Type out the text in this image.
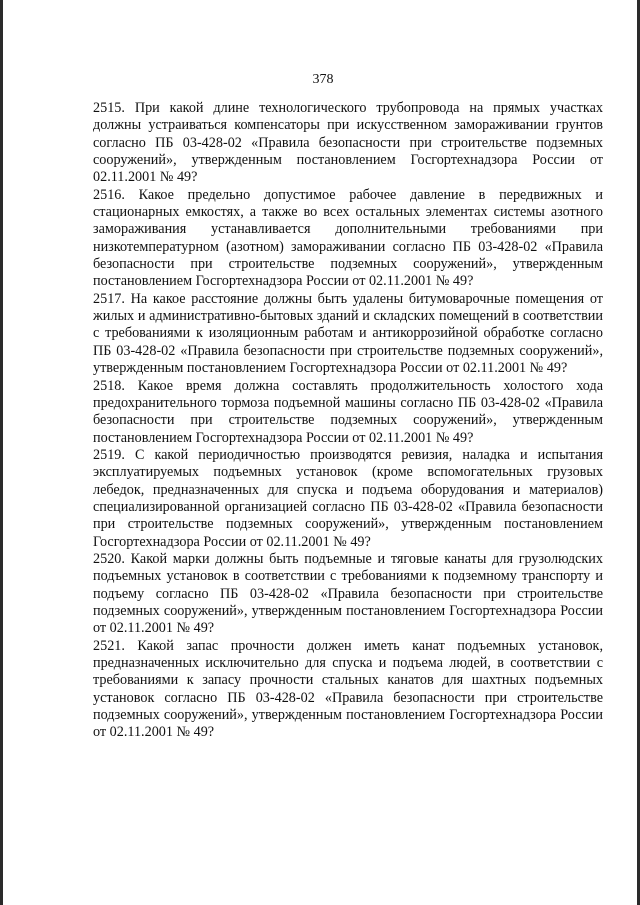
378

2515. При какой длине технологического трубопровода на прямых участках должны устраиваться компенсаторы при искусственном замораживании грунтов согласно ПБ 03-428-02 «Правила безопасности при строительстве подземных сооружений», утвержденным постановлением Госгортехнадзора России от 02.11.2001 № 49?

2516. Какое предельно допустимое рабочее давление в передвижных и стационарных емкостях, а также во всех остальных элементах системы азотного замораживания устанавливается дополнительными требованиями при низкотемпературном (азотном) замораживании согласно ПБ 03-428-02 «Правила безопасности при строительстве подземных сооружений», утвержденным постановлением Госгортехнадзора России от 02.11.2001 № 49?

2517. На какое расстояние должны быть удалены битумоварочные помещения от жилых и административно-бытовых зданий и складских помещений в соответствии с требованиями к изоляционным работам и антикоррозийной обработке согласно ПБ 03-428-02 «Правила безопасности при строительстве подземных сооружений», утвержденным постановлением Госгортехнадзора России от 02.11.2001 № 49?

2518. Какое время должна составлять продолжительность холостого хода предохранительного тормоза подъемной машины согласно ПБ 03-428-02 «Правила безопасности при строительстве подземных сооружений», утвержденным постановлением Госгортехнадзора России от 02.11.2001 № 49?

2519. С какой периодичностью производятся ревизия, наладка и испытания эксплуатируемых подъемных установок (кроме вспомогательных грузовых лебедок, предназначенных для спуска и подъема оборудования и материалов) специализированной организацией согласно ПБ 03-428-02 «Правила безопасности при строительстве подземных сооружений», утвержденным постановлением Госгортехнадзора России от 02.11.2001 № 49?

2520. Какой марки должны быть подъемные и тяговые канаты для грузолюдских подъемных установок в соответствии с требованиями к подземному транспорту и подъему согласно ПБ 03-428-02 «Правила безопасности при строительстве подземных сооружений», утвержденным постановлением Госгортехнадзора России от 02.11.2001 № 49?

2521. Какой запас прочности должен иметь канат подъемных установок, предназначенных исключительно для спуска и подъема людей, в соответствии с требованиями к запасу прочности стальных канатов для шахтных подъемных установок согласно ПБ 03-428-02 «Правила безопасности при строительстве подземных сооружений», утвержденным постановлением Госгортехнадзора России от 02.11.2001 № 49?
